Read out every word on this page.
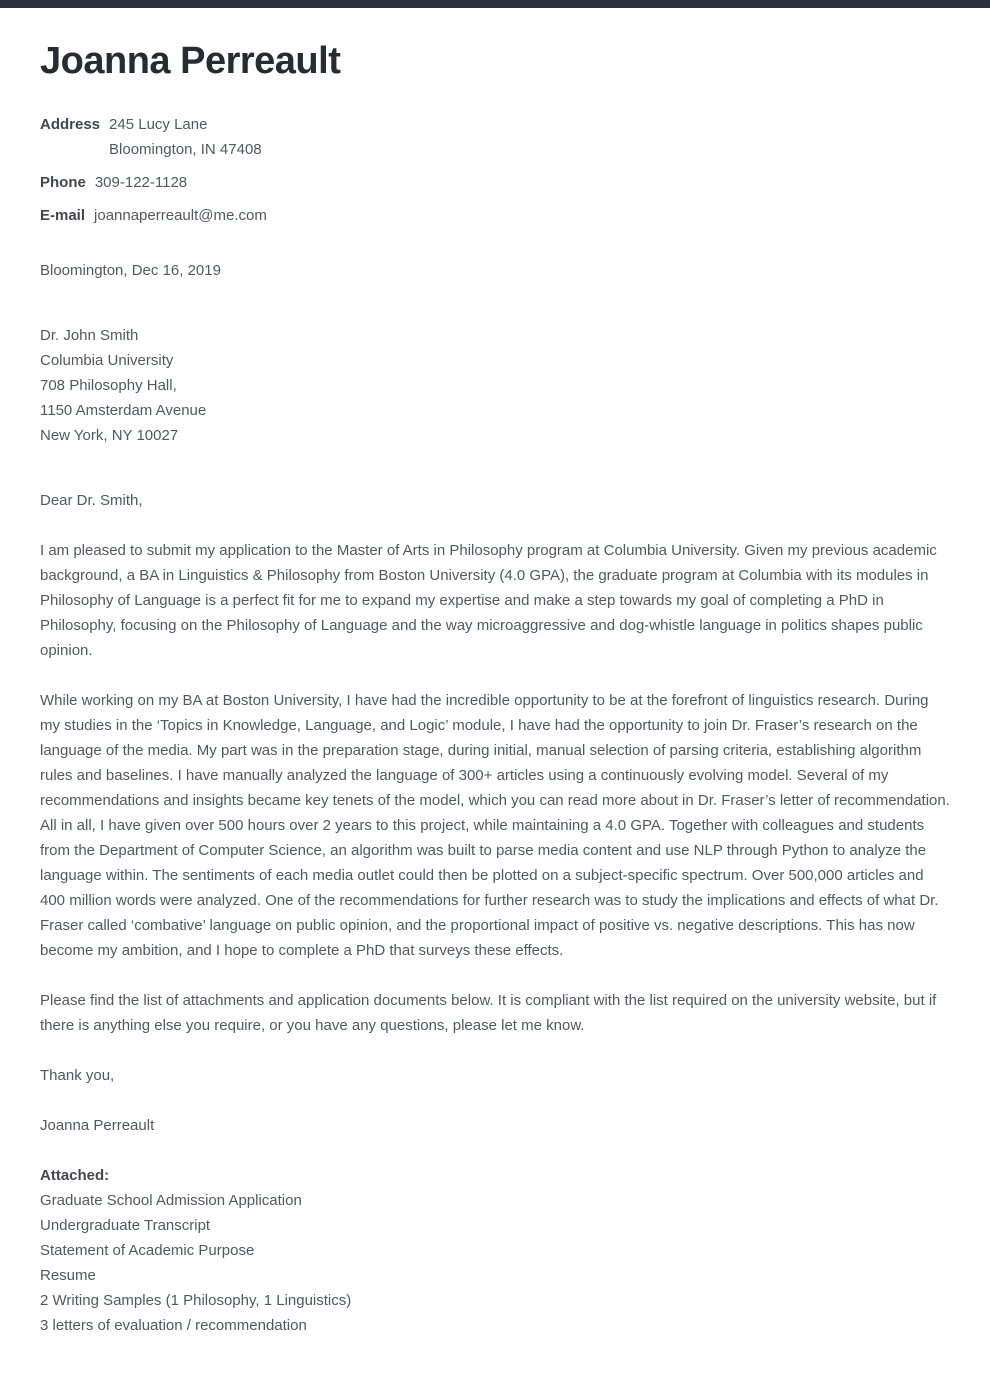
Joanna Perreault
Address 245 Lucy Lane
Bloomington, IN 47408
Phone 309-122-1128
E-mail joannaperreault@me.com
Bloomington, Dec 16, 2019
Dr. John Smith
Columbia University
708 Philosophy Hall,
1150 Amsterdam Avenue
New York, NY 10027
Dear Dr. Smith,

I am pleased to submit my application to the Master of Arts in Philosophy program at Columbia University. Given my previous academic background, a BA in Linguistics & Philosophy from Boston University (4.0 GPA), the graduate program at Columbia with its modules in Philosophy of Language is a perfect fit for me to expand my expertise and make a step towards my goal of completing a PhD in Philosophy, focusing on the Philosophy of Language and the way microaggressive and dog-whistle language in politics shapes public opinion.

While working on my BA at Boston University, I have had the incredible opportunity to be at the forefront of linguistics research. During my studies in the ‘Topics in Knowledge, Language, and Logic’ module, I have had the opportunity to join Dr. Fraser’s research on the language of the media. My part was in the preparation stage, during initial, manual selection of parsing criteria, establishing algorithm rules and baselines. I have manually analyzed the language of 300+ articles using a continuously evolving model. Several of my recommendations and insights became key tenets of the model, which you can read more about in Dr. Fraser’s letter of recommendation. All in all, I have given over 500 hours over 2 years to this project, while maintaining a 4.0 GPA. Together with colleagues and students from the Department of Computer Science, an algorithm was built to parse media content and use NLP through Python to analyze the language within. The sentiments of each media outlet could then be plotted on a subject-specific spectrum. Over 500,000 articles and 400 million words were analyzed. One of the recommendations for further research was to study the implications and effects of what Dr. Fraser called ‘combative’ language on public opinion, and the proportional impact of positive vs. negative descriptions. This has now become my ambition, and I hope to complete a PhD that surveys these effects.

Please find the list of attachments and application documents below. It is compliant with the list required on the university website, but if there is anything else you require, or you have any questions, please let me know.

Thank you,
Joanna Perreault
Attached:
Graduate School Admission Application
Undergraduate Transcript
Statement of Academic Purpose
Resume
2 Writing Samples (1 Philosophy, 1 Linguistics)
3 letters of evaluation / recommendation
